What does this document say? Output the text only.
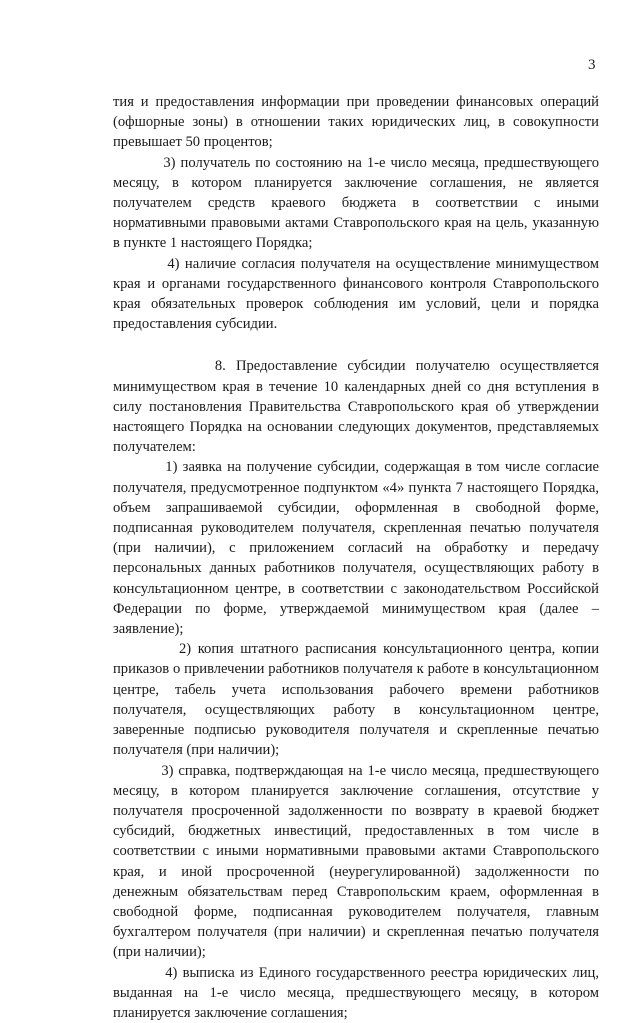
3

тия и предоставления информации при проведении финансовых операций (офшорные зоны) в отношении таких юридических лиц, в совокупности превышает 50 процентов;

3) получатель по состоянию на 1-е число месяца, предшествующего месяцу, в котором планируется заключение соглашения, не является получателем средств краевого бюджета в соответствии с иными нормативными правовыми актами Ставропольского края на цель, указанную в пункте 1 настоящего Порядка;

4) наличие согласия получателя на осуществление минимуществом края и органами государственного финансового контроля Ставропольского края обязательных проверок соблюдения им условий, цели и порядка предоставления субсидии.

8. Предоставление субсидии получателю осуществляется минимуществом края в течение 10 календарных дней со дня вступления в силу постановления Правительства Ставропольского края об утверждении настоящего Порядка на основании следующих документов, представляемых получателем:

1) заявка на получение субсидии, содержащая в том числе согласие получателя, предусмотренное подпунктом «4» пункта 7 настоящего Порядка, объем запрашиваемой субсидии, оформленная в свободной форме, подписанная руководителем получателя, скрепленная печатью получателя (при наличии), с приложением согласий на обработку и передачу персональных данных работников получателя, осуществляющих работу в консультационном центре, в соответствии с законодательством Российской Федерации по форме, утверждаемой минимуществом края (далее – заявление);

2) копия штатного расписания консультационного центра, копии приказов о привлечении работников получателя к работе в консультационном центре, табель учета использования рабочего времени работников получателя, осуществляющих работу в консультационном центре, заверенные подписью руководителя получателя и скрепленные печатью получателя (при наличии);

3) справка, подтверждающая на 1-е число месяца, предшествующего месяцу, в котором планируется заключение соглашения, отсутствие у получателя просроченной задолженности по возврату в краевой бюджет субсидий, бюджетных инвестиций, предоставленных в том числе в соответствии с иными нормативными правовыми актами Ставропольского края, и иной просроченной (неурегулированной) задолженности по денежным обязательствам перед Ставропольским краем, оформленная в свободной форме, подписанная руководителем получателя, главным бухгалтером получателя (при наличии) и скрепленная печатью получателя (при наличии);

4) выписка из Единого государственного реестра юридических лиц, выданная на 1-е число месяца, предшествующего месяцу, в котором планируется заключение соглашения;
